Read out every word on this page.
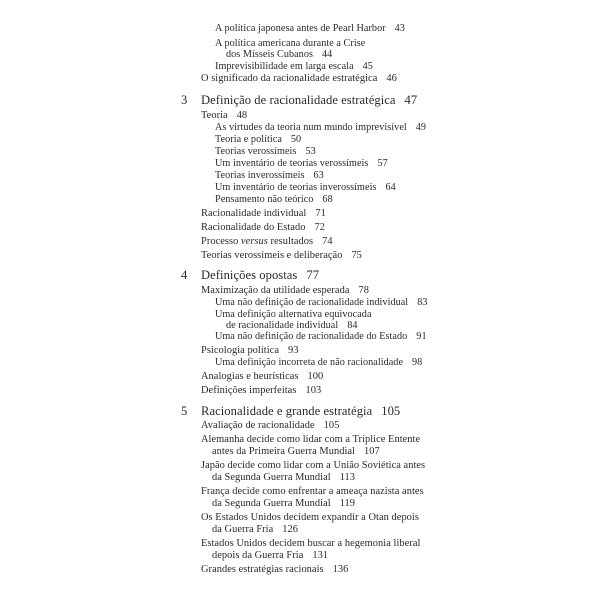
A política japonesa antes de Pearl Harbor 43
A política americana durante a Crise
dos Mísseis Cubanos 44
Imprevisibilidade em larga escala 45
O significado da racionalidade estratégica 46
3 Definição de racionalidade estratégica 47
Teoria 48
As virtudes da teoria num mundo imprevisível 49
Teoria e política 50
Teorias verossímeis 53
Um inventário de teorias verossímeis 57
Teorias inverossímeis 63
Um inventário de teorias inverossímeis 64
Pensamento não teórico 68
Racionalidade individual 71
Racionalidade do Estado 72
Processo versus resultados 74
Teorias verossímeis e deliberação 75
4 Definições opostas 77
Maximização da utilidade esperada 78
Uma não definição de racionalidade individual 83
Uma definição alternativa equivocada
de racionalidade individual 84
Uma não definição de racionalidade do Estado 91
Psicologia política 93
Uma definição incorreta de não racionalidade 98
Analogias e heurísticas 100
Definições imperfeitas 103
5 Racionalidade e grande estratégia 105
Avaliação de racionalidade 105
Alemanha decide como lidar com a Tríplice Entente
antes da Primeira Guerra Mundial 107
Japão decide como lidar com a União Soviética antes
da Segunda Guerra Mundial 113
França decide como enfrentar a ameaça nazista antes
da Segunda Guerra Mundial 119
Os Estados Unidos decidem expandir a Otan depois
da Guerra Fria 126
Estados Unidos decidem buscar a hegemonia liberal
depois da Guerra Fria 131
Grandes estratégias racionais 136
